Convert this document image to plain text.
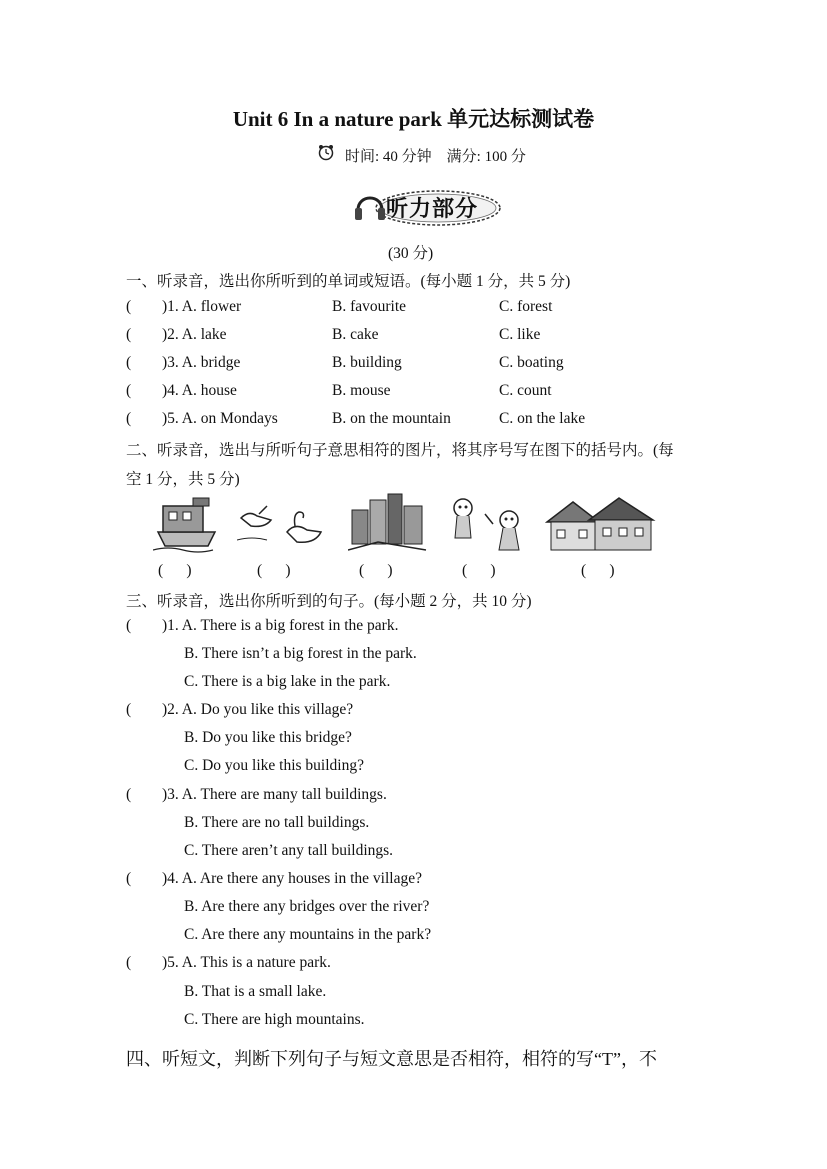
Unit 6 In a nature park 单元达标测试卷
时间: 40 分钟    满分: 100 分
听力部分
(30 分)
一、听录音，选出你所听到的单词或短语。(每小题 1 分，共 5 分)
( )1. A. flower	B. favourite	C. forest
( )2. A. lake	B. cake	C. like
( )3. A. bridge	B. building	C. boating
( )4. A. house	B. mouse	C. count
( )5. A. on Mondays	B. on the mountain	C. on the lake
二、听录音，选出与所听句子意思相符的图片，将其序号写在图下的括号内。(每
空 1 分，共 5 分)
(      )	(      )	(      )	(      )	(      )
三、听录音，选出你所听到的句子。(每小题 2 分，共 10 分)
( )1. A. There is a big forest in the park.
B. There isn’t a big forest in the park.
C. There is a big lake in the park.
( )2. A. Do you like this village?
B. Do you like this bridge?
C. Do you like this building?
( )3. A. There are many tall buildings.
B. There are no tall buildings.
C. There aren’t any tall buildings.
( )4. A. Are there any houses in the village?
B. Are there any bridges over the river?
C. Are there any mountains in the park?
( )5. A. This is a nature park.
B. That is a small lake.
C. There are high mountains.
四、听短文，判断下列句子与短文意思是否相符，相符的写“T”，不
